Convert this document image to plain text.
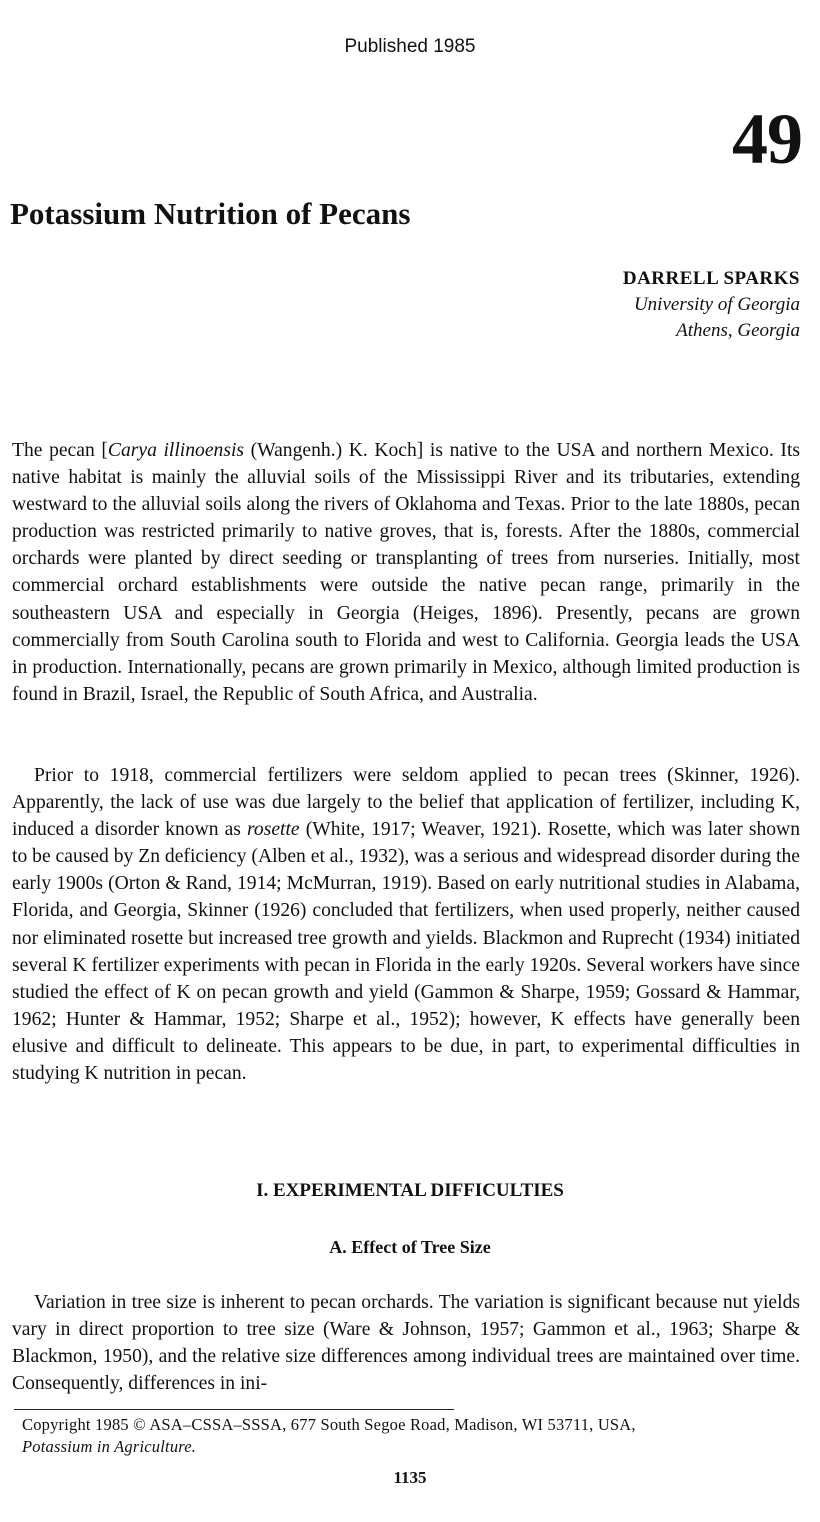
Published 1985
49
Potassium Nutrition of Pecans
DARRELL SPARKS
University of Georgia
Athens, Georgia
The pecan [Carya illinoensis (Wangenh.) K. Koch] is native to the USA and northern Mexico. Its native habitat is mainly the alluvial soils of the Mississippi River and its tributaries, extending westward to the alluvial soils along the rivers of Oklahoma and Texas. Prior to the late 1880s, pecan production was restricted primarily to native groves, that is, forests. After the 1880s, commercial orchards were planted by direct seeding or transplanting of trees from nurseries. Initially, most commercial orchard establishments were outside the native pecan range, primarily in the southeastern USA and especially in Georgia (Heiges, 1896). Presently, pecans are grown commercially from South Carolina south to Florida and west to California. Georgia leads the USA in production. Internationally, pecans are grown primarily in Mexico, although limited production is found in Brazil, Israel, the Republic of South Africa, and Australia.
Prior to 1918, commercial fertilizers were seldom applied to pecan trees (Skinner, 1926). Apparently, the lack of use was due largely to the belief that application of fertilizer, including K, induced a disorder known as rosette (White, 1917; Weaver, 1921). Rosette, which was later shown to be caused by Zn deficiency (Alben et al., 1932), was a serious and widespread disorder during the early 1900s (Orton & Rand, 1914; McMurran, 1919). Based on early nutritional studies in Alabama, Florida, and Georgia, Skinner (1926) concluded that fertilizers, when used properly, neither caused nor eliminated rosette but increased tree growth and yields. Blackmon and Ruprecht (1934) initiated several K fertilizer experiments with pecan in Florida in the early 1920s. Several workers have since studied the effect of K on pecan growth and yield (Gammon & Sharpe, 1959; Gossard & Hammar, 1962; Hunter & Hammar, 1952; Sharpe et al., 1952); however, K effects have generally been elusive and difficult to delineate. This appears to be due, in part, to experimental difficulties in studying K nutrition in pecan.
I. EXPERIMENTAL DIFFICULTIES
A. Effect of Tree Size
Variation in tree size is inherent to pecan orchards. The variation is significant because nut yields vary in direct proportion to tree size (Ware & Johnson, 1957; Gammon et al., 1963; Sharpe & Blackmon, 1950), and the relative size differences among individual trees are maintained over time. Consequently, differences in ini-
Copyright 1985 © ASA–CSSA–SSSA, 677 South Segoe Road, Madison, WI 53711, USA,
Potassium in Agriculture.
1135
